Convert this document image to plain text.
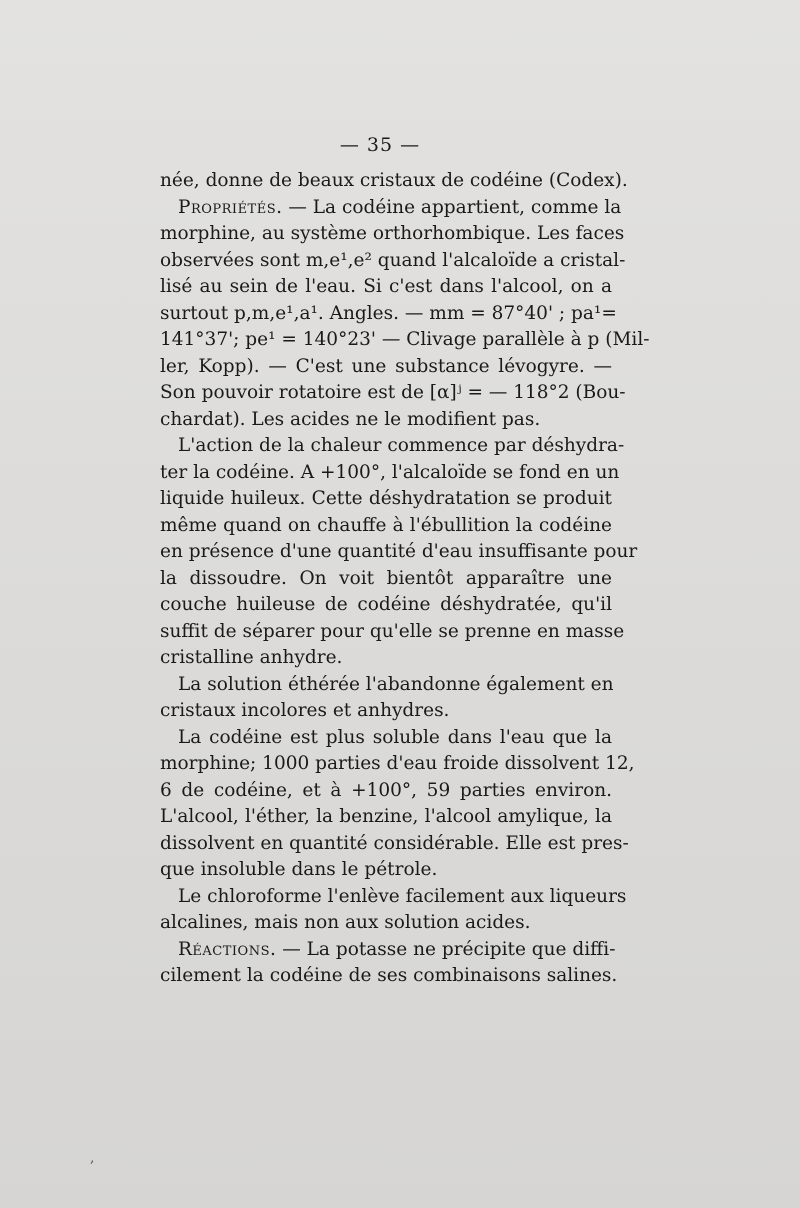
— 35 —
née, donne de beaux cristaux de codéine (Codex).
Propriétés. — La codéine appartient, comme la
morphine, au système orthorhombique. Les faces
observées sont m,e¹,e² quand l'alcaloïde a cristal-
lisé au sein de l'eau. Si c'est dans l'alcool, on a
surtout p,m,e¹,a¹. Angles. — mm = 87°40' ; pa¹=
141°37'; pe¹ = 140°23' — Clivage parallèle à p (Mil-
ler, Kopp). — C'est une substance lévogyre. —
Son pouvoir rotatoire est de [α]ʲ = — 118°2 (Bou-
chardat). Les acides ne le modifient pas.
L'action de la chaleur commence par déshydra-
ter la codéine. A +100°, l'alcaloïde se fond en un
liquide huileux. Cette déshydratation se produit
même quand on chauffe à l'ébullition la codéine
en présence d'une quantité d'eau insuffisante pour
la dissoudre. On voit bientôt apparaître une
couche huileuse de codéine déshydratée, qu'il
suffit de séparer pour qu'elle se prenne en masse
cristalline anhydre.
La solution éthérée l'abandonne également en
cristaux incolores et anhydres.
La codéine est plus soluble dans l'eau que la
morphine; 1000 parties d'eau froide dissolvent 12,
6 de codéine, et à +100°, 59 parties environ.
L'alcool, l'éther, la benzine, l'alcool amylique, la
dissolvent en quantité considérable. Elle est pres-
que insoluble dans le pétrole.
Le chloroforme l'enlève facilement aux liqueurs
alcalines, mais non aux solution acides.
Réactions. — La potasse ne précipite que diffi-
cilement la codéine de ses combinaisons salines.
,
